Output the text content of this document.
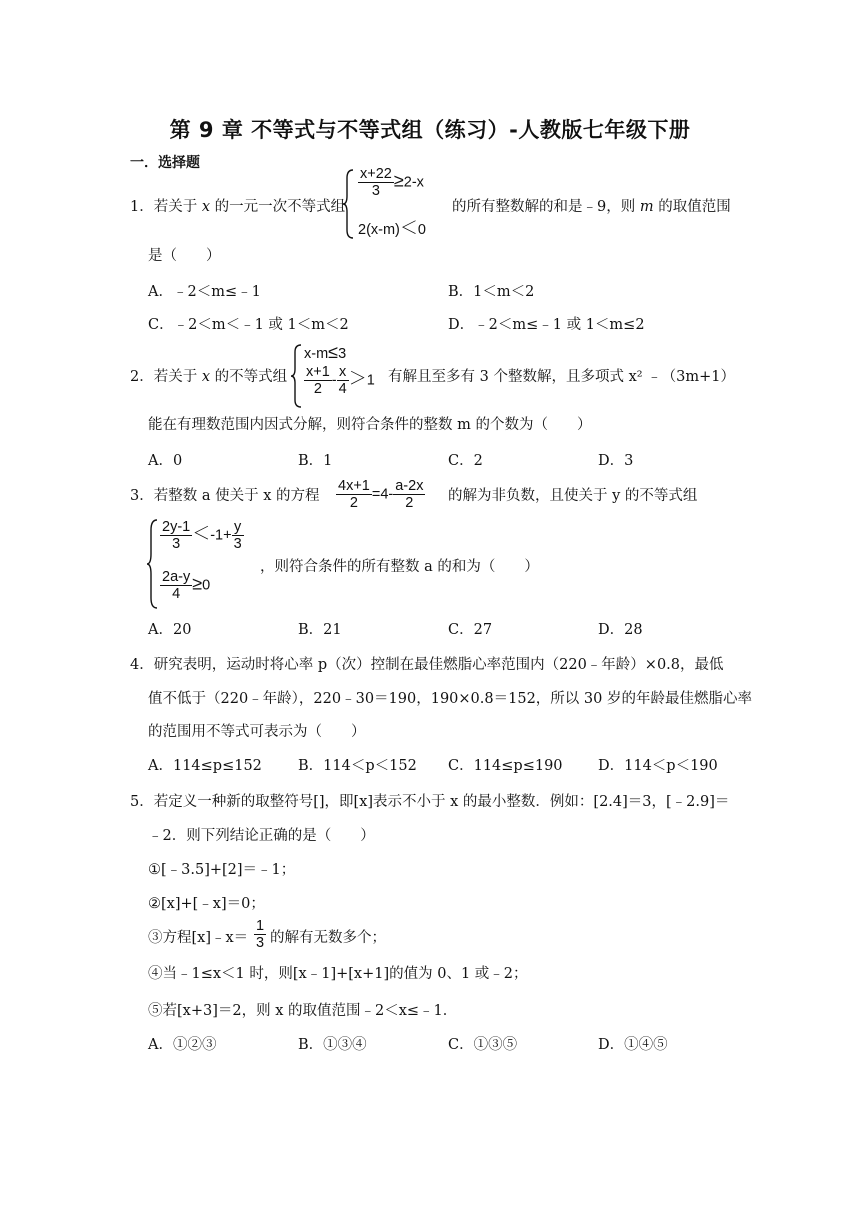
第 9 章 不等式与不等式组（练习）-人教版七年级下册
一．选择题
1．若关于 x 的一元一次不等式组
$\frac{x+22}{3} \ge 2-x$
2(x-m)＜0
的所有整数解的和是﹣9，则 m 的取值范围
是（　　）
A．﹣2＜m≤﹣1	B．1＜m＜2
C．﹣2＜m＜﹣1 或 1＜m＜2	D．﹣2＜m≤﹣1 或 1＜m≤2
2．若关于 x 的不等式组
x-m≤3
$\frac{x+1}{2} - \frac{x}{4} >1$ 有解且至多有 3 个整数解，且多项式 x² ﹣（3m+1）
能在有理数范围内因式分解，则符合条件的整数 m 的个数为（　　）
A．0	B．1	C．2	D．3
3．若整数 a 使关于 x 的方程 $\frac{4x+1}{2} =4- \frac{a-2x}{2}$ 的解为非负数，且使关于 y 的不等式组
$\frac{2y-1}{3} <-1+ \frac{y}{3}$
$\frac{2a-y}{4} \ge 0$
，则符合条件的所有整数 a 的和为（　　）
A．20	B．21	C．27	D．28
4．研究表明，运动时将心率 p（次）控制在最佳燃脂心率范围内（220﹣年龄）×0.8，最低
值不低于（220﹣年龄），220﹣30＝190，190×0.8＝152，所以 30 岁的年龄最佳燃脂心率
的范围用不等式可表示为（　　）
A．114≤p≤152 B．114＜p＜152 C．114≤p≤190 D．114＜p＜190
5．若定义一种新的取整符号[]，即[x]表示不小于 x 的最小整数．例如：[2.4]＝3，[﹣2.9]＝
﹣2．则下列结论正确的是（　　）
①[﹣3.5]+[2]＝﹣1；
②[x]+[﹣x]＝0；
③方程[x]﹣x＝ $\frac{1}{3}$ 的解有无数多个；
④当﹣1≤x＜1 时，则[x﹣1]+[x+1]的值为 0、1 或﹣2；
⑤若[x+3]＝2，则 x 的取值范围﹣2＜x≤﹣1．
A．①②③	B．①③④	C．①③⑤	D．①④⑤
